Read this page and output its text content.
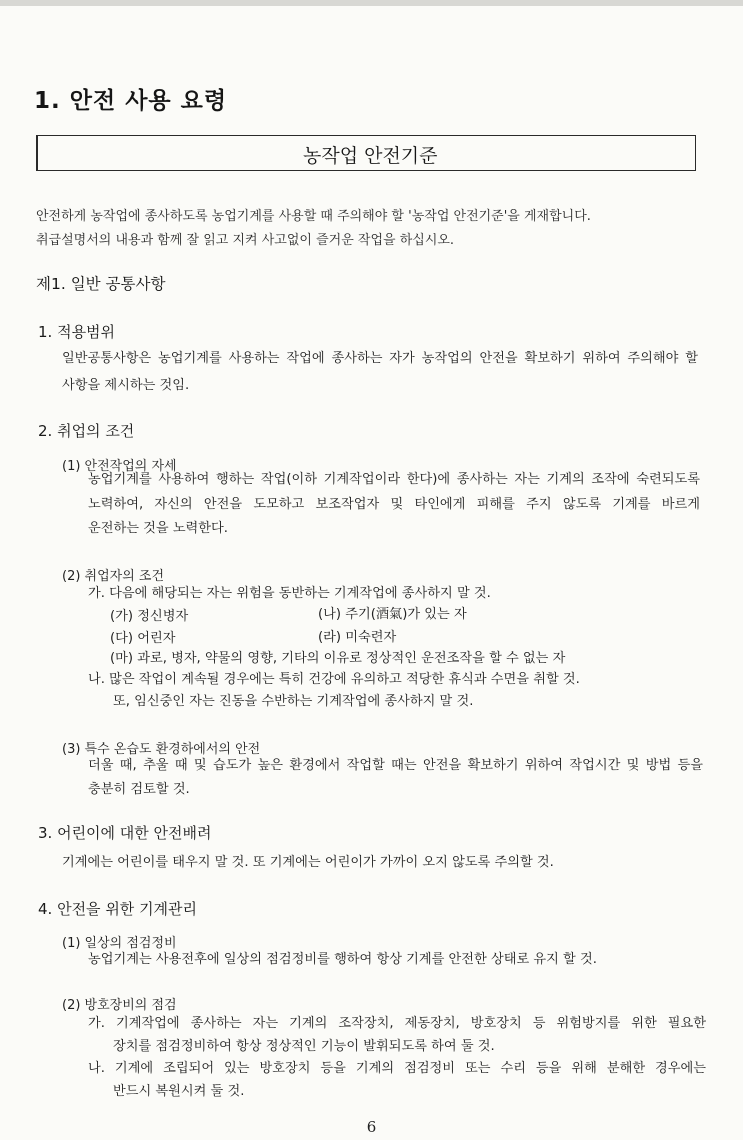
1. 안전 사용 요령
농작업 안전기준
안전하게 농작업에 종사하도록 농업기계를 사용할 때 주의해야 할 '농작업 안전기준'을 게재합니다.
취급설명서의 내용과 함께 잘 읽고 지켜 사고없이 즐거운 작업을 하십시오.
제1. 일반 공통사항
1. 적용범위
일반공통사항은 농업기계를 사용하는 작업에 종사하는 자가 농작업의 안전을 확보하기 위하여 주의해야 할
사항을 제시하는 것임.
2. 취업의 조건
(1) 안전작업의 자세
농업기계를 사용하여 행하는 작업(이하 기계작업이라 한다)에 종사하는 자는 기계의 조작에 숙련되도록
노력하여, 자신의 안전을 도모하고 보조작업자 및 타인에게 피해를 주지 않도록 기계를 바르게
운전하는 것을 노력한다.
(2) 취업자의 조건
가. 다음에 해당되는 자는 위험을 동반하는 기계작업에 종사하지 말 것.
(가) 정신병자	(나) 주기(酒氣)가 있는 자
(다) 어린자	(라) 미숙련자
(마) 과로, 병자, 약물의 영향, 기타의 이유로 정상적인 운전조작을 할 수 없는 자
나. 많은 작업이 계속될 경우에는 특히 건강에 유의하고 적당한 휴식과 수면을 취할 것.
또, 임신중인 자는 진동을 수반하는 기계작업에 종사하지 말 것.
(3) 특수 온습도 환경하에서의 안전
더울 때, 추울 때 및 습도가 높은 환경에서 작업할 때는 안전을 확보하기 위하여 작업시간 및 방법 등을
충분히 검토할 것.
3. 어린이에 대한 안전배려
기계에는 어린이를 태우지 말 것. 또 기계에는 어린이가 가까이 오지 않도록 주의할 것.
4. 안전을 위한 기계관리
(1) 일상의 점검정비
농업기계는 사용전후에 일상의 점검정비를 행하여 항상 기계를 안전한 상태로 유지 할 것.
(2) 방호장비의 점검
가. 기계작업에 종사하는 자는 기계의 조작장치, 제동장치, 방호장치 등 위험방지를 위한 필요한
장치를 점검정비하여 항상 정상적인 기능이 발휘되도록 하여 둘 것.
나. 기계에 조립되어 있는 방호장치 등을 기계의 점검정비 또는 수리 등을 위해 분해한 경우에는
반드시 복원시켜 둘 것.
6
